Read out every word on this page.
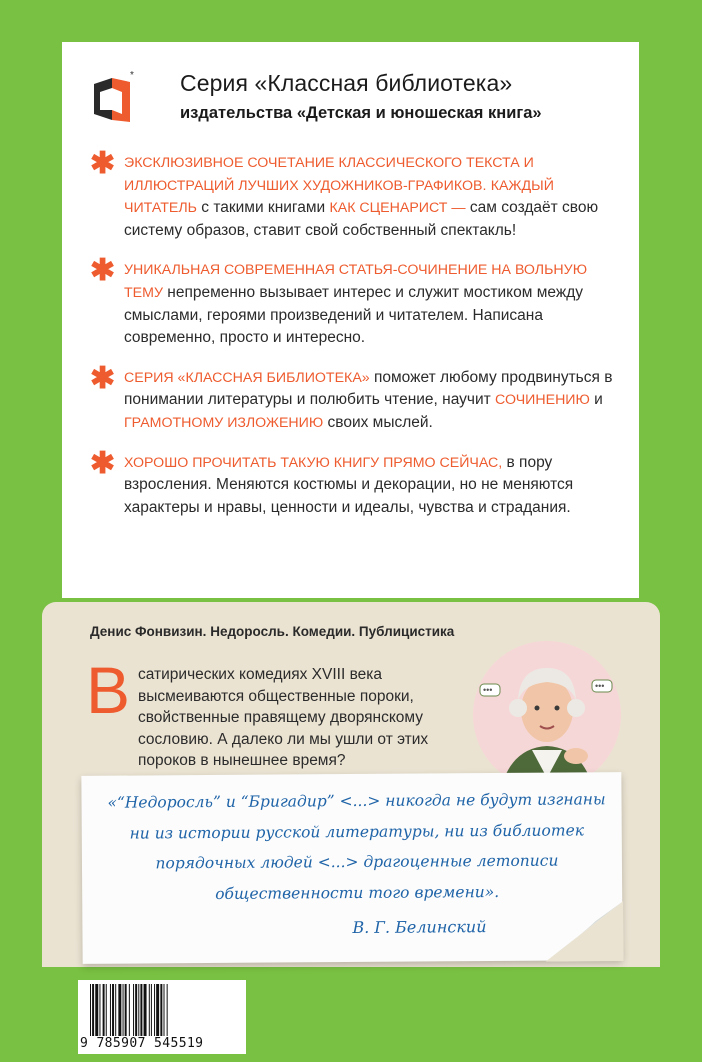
* Серия «Классная библиотека»
издательства «Детская и юношеская книга»
✱ ЭКСКЛЮЗИВНОЕ СОЧЕТАНИЕ КЛАССИЧЕСКОГО ТЕКСТА И ИЛЛЮСТРАЦИЙ ЛУЧШИХ ХУДОЖНИКОВ-ГРАФИКОВ. КАЖДЫЙ ЧИТАТЕЛЬ с такими книгами КАК СЦЕНАРИСТ — сам создаёт свою систему образов, ставит свой собственный спектакль!

✱ УНИКАЛЬНАЯ СОВРЕМЕННАЯ СТАТЬЯ-СОЧИНЕНИЕ НА ВОЛЬНУЮ ТЕМУ непременно вызывает интерес и служит мостиком между смыслами, героями произведений и читателем. Написана современно, просто и интересно.

✱ СЕРИЯ «КЛАССНАЯ БИБЛИОТЕКА» поможет любому продвинуться в понимании литературы и полюбить чтение, научит СОЧИНЕНИЮ и ГРАМОТНОМУ ИЗЛОЖЕНИЮ своих мыслей.

✱ ХОРОШО ПРОЧИТАТЬ ТАКУЮ КНИГУ ПРЯМО СЕЙЧАС, в пору взросления. Меняются костюмы и декорации, но не меняются характеры и нравы, ценности и идеалы, чувства и страдания.

Денис Фонвизин. Недоросль. Комедии. Публицистика
В сатирических комедиях XVIII века высмеиваются общественные пороки, свойственные правящему дворянскому сословию. А далеко ли мы ушли от этих пороков в нынешнее время?
•••	•••
«“Недоросль” и “Бригадир” <...> никогда не будут изгнаны ни из истории русской литературы, ни из библиотек порядочных людей <...> драгоценные летописи общественности того времени».
В. Г. Белинский
9 785907 545519
